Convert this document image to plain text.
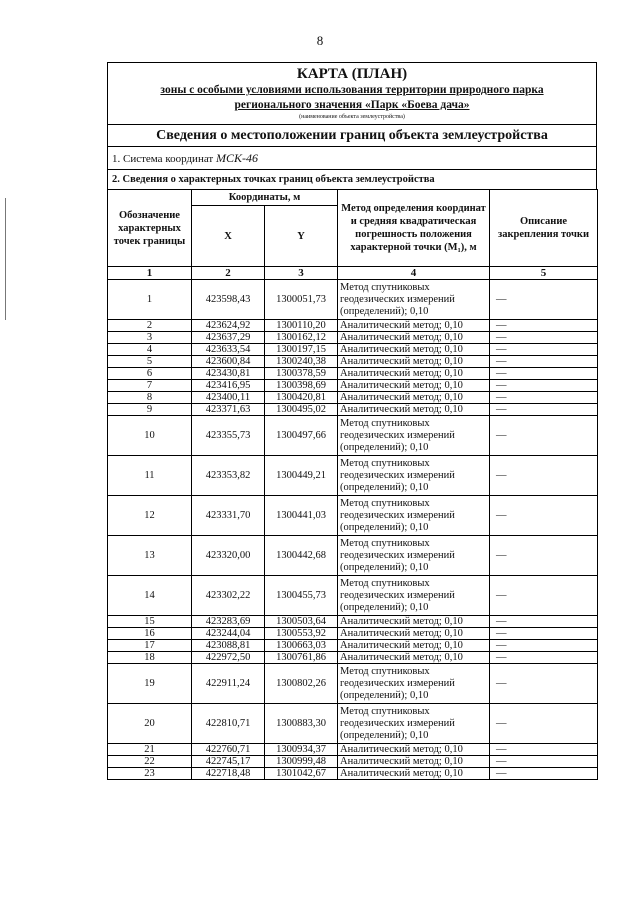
8
КАРТА (ПЛАН)
зоны с особыми условиями использования территории природного парка
регионального значения «Парк «Боева дача»
(наименование объекта землеустройства)
Сведения о местоположении границ объекта землеустройства
1. Система координат МСК-46
2. Сведения о характерных точках границ объекта землеустройства
Обозначение характерных точек границы	Координаты, м		Метод определения координат и средняя квадратическая погрешность положения характерной точки (M₁), м	Описание закрепления точки
	X	Y		
1	2	3	4	5
1	423598,43	1300051,73	Метод спутниковых геодезических измерений (определений); 0,10	—
2	423624,92	1300110,20	Аналитический метод; 0,10	—
3	423637,29	1300162,12	Аналитический метод; 0,10	—
4	423633,54	1300197,15	Аналитический метод; 0,10	—
5	423600,84	1300240,38	Аналитический метод; 0,10	—
6	423430,81	1300378,59	Аналитический метод; 0,10	—
7	423416,95	1300398,69	Аналитический метод; 0,10	—
8	423400,11	1300420,81	Аналитический метод; 0,10	—
9	423371,63	1300495,02	Аналитический метод; 0,10	—
10	423355,73	1300497,66	Метод спутниковых геодезических измерений (определений); 0,10	—
11	423353,82	1300449,21	Метод спутниковых геодезических измерений (определений); 0,10	—
12	423331,70	1300441,03	Метод спутниковых геодезических измерений (определений); 0,10	—
13	423320,00	1300442,68	Метод спутниковых геодезических измерений (определений); 0,10	—
14	423302,22	1300455,73	Метод спутниковых геодезических измерений (определений); 0,10	—
15	423283,69	1300503,64	Аналитический метод; 0,10	—
16	423244,04	1300553,92	Аналитический метод; 0,10	—
17	423088,81	1300663,03	Аналитический метод; 0,10	—
18	422972,50	1300761,86	Аналитический метод; 0,10	—
19	422911,24	1300802,26	Метод спутниковых геодезических измерений (определений); 0,10	—
20	422810,71	1300883,30	Метод спутниковых геодезических измерений (определений); 0,10	—
21	422760,71	1300934,37	Аналитический метод; 0,10	—
22	422745,17	1300999,48	Аналитический метод; 0,10	—
23	422718,48	1301042,67	Аналитический метод; 0,10	—
